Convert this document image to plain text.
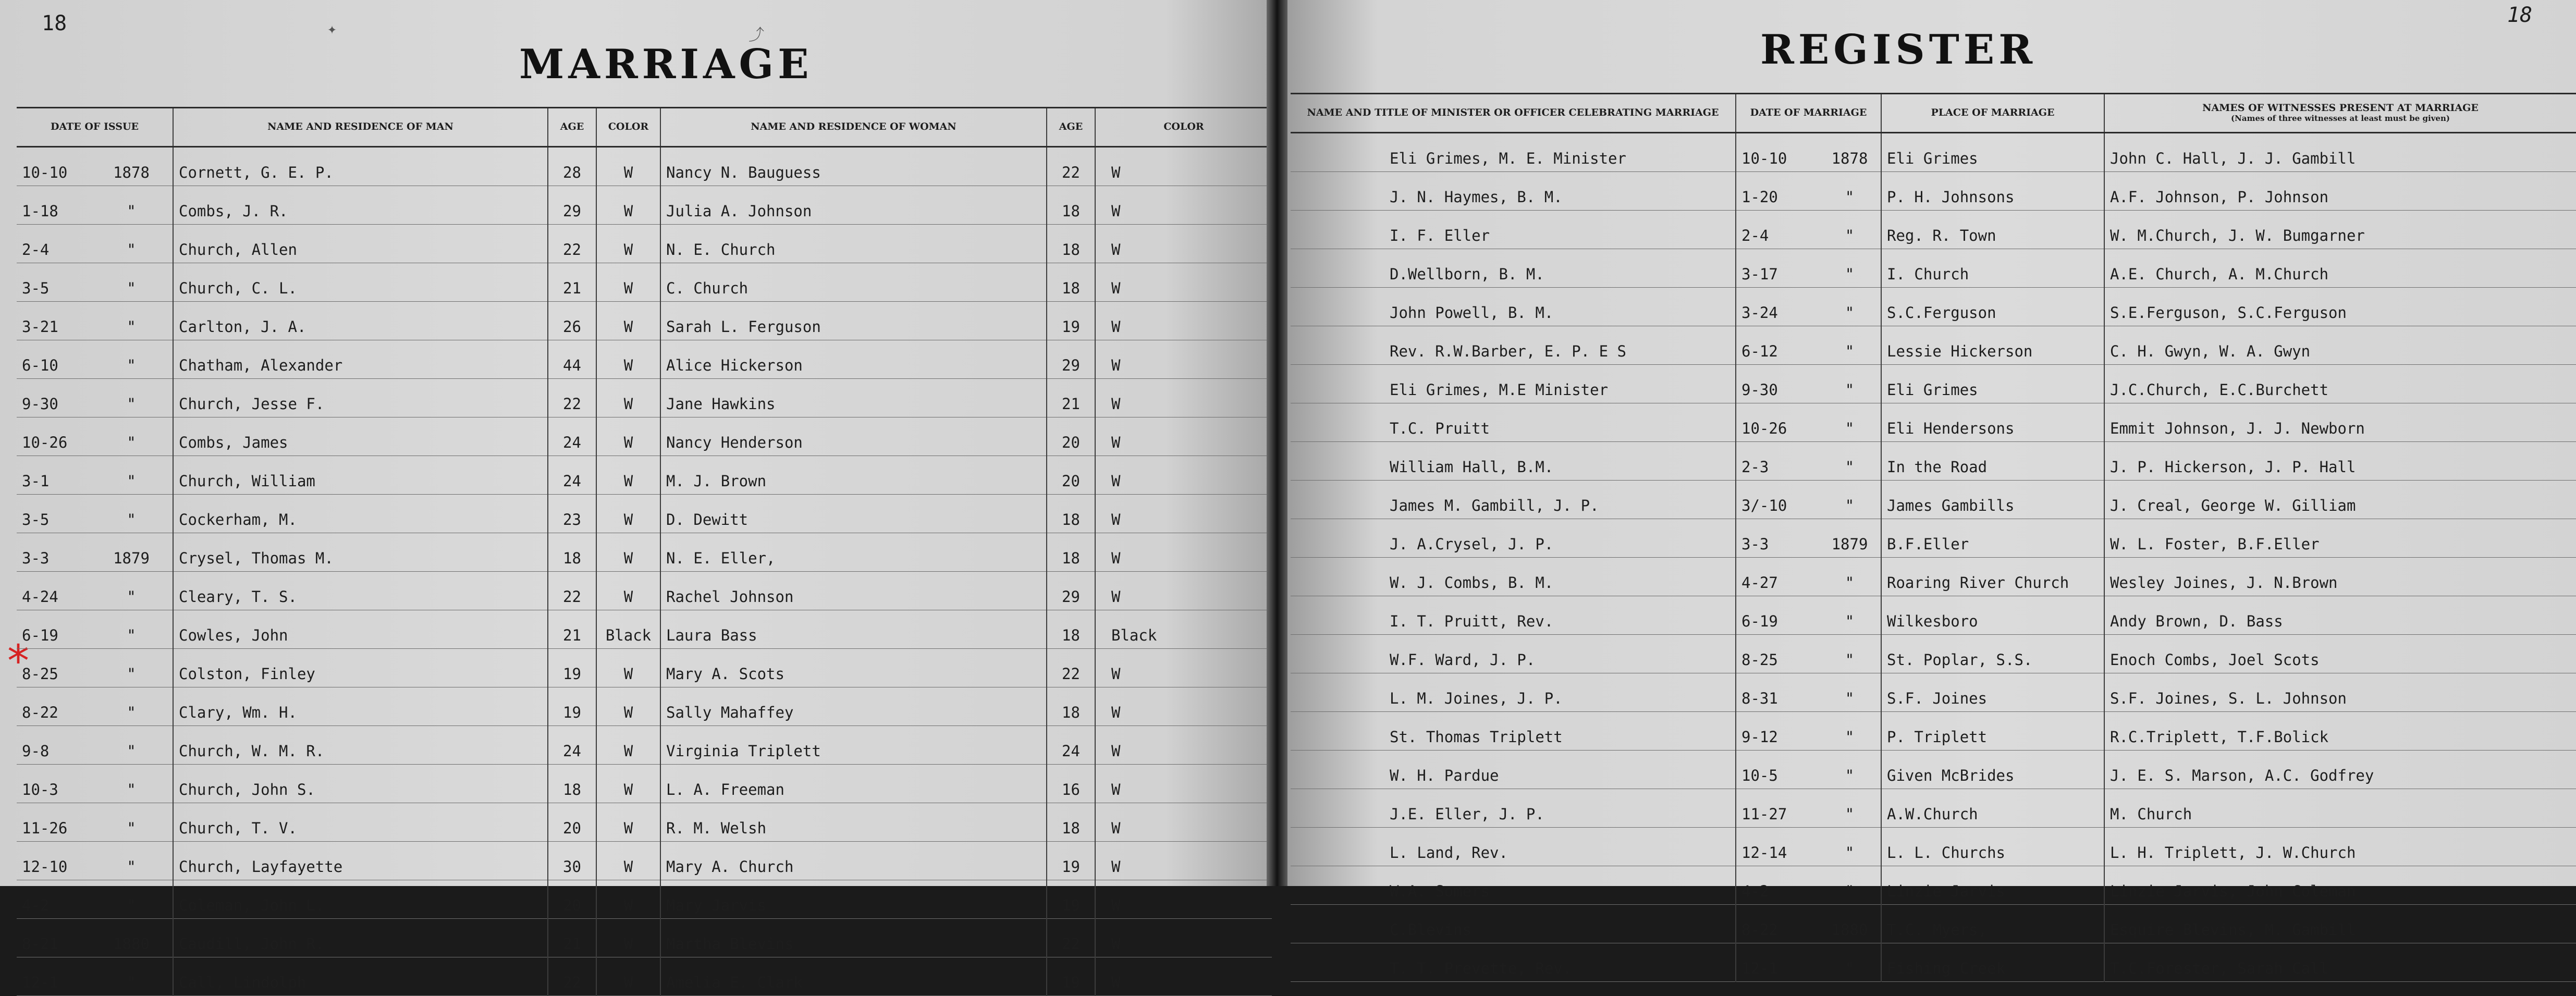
18	✦	⤴
MARRIAGE
*
DATE OF ISSUE	NAME AND RESIDENCE OF MAN	AGE	COLOR	NAME AND RESIDENCE OF WOMAN	AGE	COLOR
10-10 1878	Cornett, G. E. P.	28	W	Nancy N. Bauguess	22	W
1-18 "	Combs, J. R.	29	W	Julia A. Johnson	18	W
2-4 "	Church, Allen	22	W	N. E. Church	18	W
3-5 "	Church, C. L.	21	W	C. Church	18	W
3-21 "	Carlton, J. A.	26	W	Sarah L. Ferguson	19	W
6-10 "	Chatham, Alexander	44	W	Alice Hickerson	29	W
9-30 "	Church, Jesse F.	22	W	Jane Hawkins	21	W
10-26 "	Combs, James	24	W	Nancy Henderson	20	W
3-1 "	Church, William	24	W	M. J. Brown	20	W
3-5 "	Cockerham, M.	23	W	D. Dewitt	18	W
3-3 1879	Crysel, Thomas M.	18	W	N. E. Eller,	18	W
4-24 "	Cleary, T. S.	22	W	Rachel Johnson	29	W
6-19 "	Cowles, John	21	Black	Laura Bass	18	Black
8-25 "	Colston, Finley	19	W	Mary A. Scots	22	W
8-22 "	Clary, Wm. H.	19	W	Sally Mahaffey	18	W
9-8 "	Church, W. M. R.	24	W	Virginia Triplett	24	W
10-3 "	Church, John S.	18	W	L. A. Freeman	16	W
11-26 "	Church, T. V.	20	W	R. M. Welsh	18	W
12-10 "	Church, Layfayette	30	W	Mary A. Church	19	W
4-2 "	Coleman, John L.	20	W	Mary Jarvis	19	W
8-21 1880	Caudill, John R.	21	W	Martha Blevins	22	W
12-1 "	Call, Lindolph	22	W	Amelia E. Clark	19	W
18
REGISTER
NAME AND TITLE OF MINISTER OR OFFICER CELEBRATING MARRIAGE	DATE OF MARRIAGE		PLACE OF MARRIAGE	NAMES OF WITNESSES PRESENT AT MARRIAGE
(Names of three witnesses at least must be given)

Eli Grimes, M. E. Minister	10-10	1878	Eli Grimes	John C. Hall, J. J. Gambill
J. N. Haymes, B. M.	1-20	"	P. H. Johnsons	A.F. Johnson, P. Johnson
I. F. Eller	2-4	"	Reg. R. Town	W. M.Church, J. W. Bumgarner
D.Wellborn, B. M.	3-17	"	I. Church	A.E. Church, A. M.Church
John Powell, B. M.	3-24	"	S.C.Ferguson	S.E.Ferguson, S.C.Ferguson
Rev. R.W.Barber, E. P. E S	6-12	"	Lessie Hickerson	C. H. Gwyn, W. A. Gwyn
Eli Grimes, M.E Minister	9-30	"	Eli Grimes	J.C.Church, E.C.Burchett
T.C. Pruitt	10-26	"	Eli Hendersons	Emmit Johnson, J. J. Newborn
William Hall, B.M.	2-3	"	In the Road	J. P. Hickerson, J. P. Hall
James M. Gambill, J. P.	3/-10	"	James Gambills	J. Creal, George W. Gilliam
J. A.Crysel, J. P.	3-3	1879	B.F.Eller	W. L. Foster, B.F.Eller
W. J. Combs, B. M.	4-27	"	Roaring River Church	Wesley Joines, J. N.Brown
I. T. Pruitt, Rev.	6-19	"	Wilkesboro	Andy Brown, D. Bass
W.F. Ward, J. P.	8-25	"	St. Poplar, S.S.	Enoch Combs, Joel Scots
L. M. Joines, J. P.	8-31	"	S.F. Joines	S.F. Joines, S. L. Johnson
St. Thomas Triplett	9-12	"	P. Triplett	R.C.Triplett, T.F.Bolick
W. H. Pardue	10-5	"	Given McBrides	J. E. S. Marson, A.C. Godfrey
J.E. Eller, J. P.	11-27	"	A.W.Church	M. Church
L. Land, Rev.	12-14	"	L. L. Churchs	L. H. Triplett, J. W.Church
W.A. Somers	4-2	"	Linzie Jarvis	Linzie Jarvis, John Coleman
C.Blevins	8-22	1880	T.C. Myers,	Esquire Blevins, M. Gambill
T. T. Prevette, Rev.	12-1	"	Fishing Creek	T.C.Forester, Sarah Call
